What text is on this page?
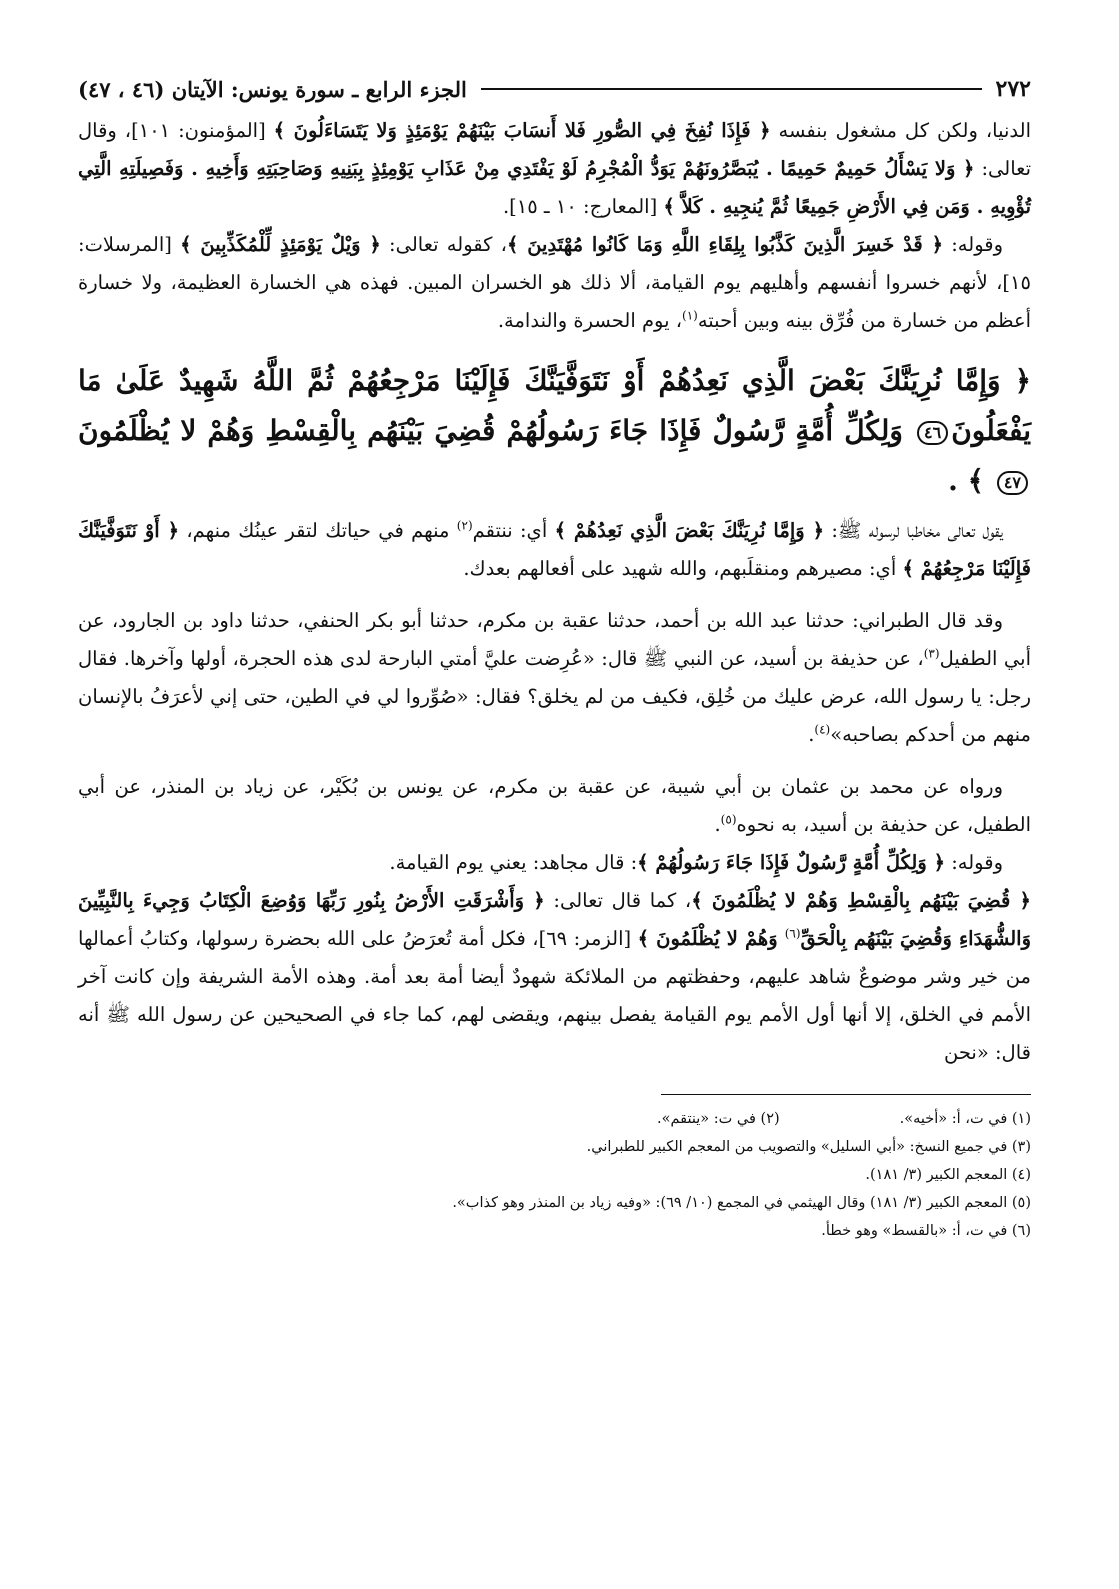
٢٧٢
الجزء الرابع ـ سورة يونس: الآيتان (٤٦ ، ٤٧)

الدنيا، ولكن كل مشغول بنفسه ﴿ فَإِذَا نُفِخَ فِي الصُّورِ فَلا أَنسَابَ بَيْنَهُمْ يَوْمَئِذٍ وَلا يَتَسَاءَلُونَ ﴾ [المؤمنون: ١٠١]، وقال تعالى: ﴿ وَلا يَسْأَلُ حَمِيمٌ حَمِيمًا . يُبَصَّرُونَهُمْ يَوَدُّ الْمُجْرِمُ لَوْ يَفْتَدِي مِنْ عَذَابِ يَوْمِئِذٍ بِبَنِيهِ وَصَاحِبَتِهِ وَأَخِيهِ . وَفَصِيلَتِهِ الَّتِي تُؤْوِيهِ . وَمَن فِي الأَرْضِ جَمِيعًا ثُمَّ يُنجِيهِ . كَلاَّ ﴾ [المعارج: ١٠ ـ ١٥].

وقوله: ﴿ قَدْ خَسِرَ الَّذِينَ كَذَّبُوا بِلِقَاءِ اللَّهِ وَمَا كَانُوا مُهْتَدِينَ ﴾، كقوله تعالى: ﴿ وَيْلٌ يَوْمَئِذٍ لِّلْمُكَذِّبِينَ ﴾ [المرسلات: ١٥]، لأنهم خسروا أنفسهم وأهليهم يوم القيامة، ألا ذلك هو الخسران المبين. فهذه هي الخسارة العظيمة، ولا خسارة أعظم من خسارة من فُرِّق بينه وبين أحبته$^{(١)}$، يوم الحسرة والندامة.

﴿ وَإِمَّا نُرِيَنَّكَ بَعْضَ الَّذِي نَعِدُهُمْ أَوْ نَتَوَفَّيَنَّكَ فَإِلَيْنَا مَرْجِعُهُمْ ثُمَّ اللَّهُ شَهِيدٌ عَلَىٰ مَا يَفْعَلُونَ٤٦ وَلِكُلِّ أُمَّةٍ رَّسُولٌ فَإِذَا جَاءَ رَسُولُهُمْ قُضِيَ بَيْنَهُم بِالْقِسْطِ وَهُمْ لا يُظْلَمُونَ٤٧ ﴾ .

يقول تعالى مخاطبا لرسوله ﷺ: ﴿ وَإِمَّا نُرِيَنَّكَ بَعْضَ الَّذِي نَعِدُهُمْ ﴾ أي: ننتقم$^{(٢)}$ منهم في حياتك لتقر عينُك منهم، ﴿ أَوْ نَتَوَفَّيَنَّكَ فَإِلَيْنَا مَرْجِعُهُمْ ﴾ أي: مصيرهم ومنقلَبهم، والله شهيد على أفعالهم بعدك.

وقد قال الطبراني: حدثنا عبد الله بن أحمد، حدثنا عقبة بن مكرم، حدثنا أبو بكر الحنفي، حدثنا داود بن الجارود، عن أبي الطفيل$^{(٣)}$، عن حذيفة بن أسيد، عن النبي ﷺ قال: «عُرِضت عليَّ أمتي البارحة لدى هذه الحجرة، أولها وآخرها. فقال رجل: يا رسول الله، عرض عليك من خُلِق، فكيف من لم يخلق؟ فقال: «صُوِّروا لي في الطين، حتى إني لأعرَفُ بالإنسان منهم من أحدكم بصاحبه»$^{(٤)}$.

ورواه عن محمد بن عثمان بن أبي شيبة، عن عقبة بن مكرم، عن يونس بن بُكَيْر، عن زياد بن المنذر، عن أبي الطفيل، عن حذيفة بن أسيد، به نحوه$^{(٥)}$.

وقوله: ﴿ وَلِكُلِّ أُمَّةٍ رَّسُولٌ فَإِذَا جَاءَ رَسُولُهُمْ ﴾: قال مجاهد: يعني يوم القيامة.

﴿ قُضِيَ بَيْنَهُم بِالْقِسْطِ وَهُمْ لا يُظْلَمُونَ ﴾، كما قال تعالى: ﴿ وَأَشْرَقَتِ الأَرْضُ بِنُورِ رَبِّهَا وَوُضِعَ الْكِتَابُ وَجِيءَ بِالنَّبِيِّينَ وَالشُّهَدَاءِ وَقُضِيَ بَيْنَهُم بِالْحَقِّ$^{(٦)}$ وَهُمْ لا يُظْلَمُونَ ﴾ [الزمر: ٦٩]، فكل أمة تُعرَضُ على الله بحضرة رسولها، وكتابُ أعمالها من خير وشر موضوعٌ شاهد عليهم، وحفظتهم من الملائكة شهودٌ أيضا أمة بعد أمة. وهذه الأمة الشريفة وإن كانت آخر الأمم في الخلق، إلا أنها أول الأمم يوم القيامة يفصل بينهم، ويقضى لهم، كما جاء في الصحيحين عن رسول الله ﷺ أنه قال: «نحن

(١) في ت، أ: «أخيه».
(٢) في ت: «ينتقم».
(٣) في جميع النسخ: «أبي السليل» والتصويب من المعجم الكبير للطبراني.
(٤) المعجم الكبير (٣/ ١٨١).
(٥) المعجم الكبير (٣/ ١٨١) وقال الهيثمي في المجمع (١٠/ ٦٩): «وفيه زياد بن المنذر وهو كذاب».
(٦) في ت، أ: «بالقسط» وهو خطأ.
